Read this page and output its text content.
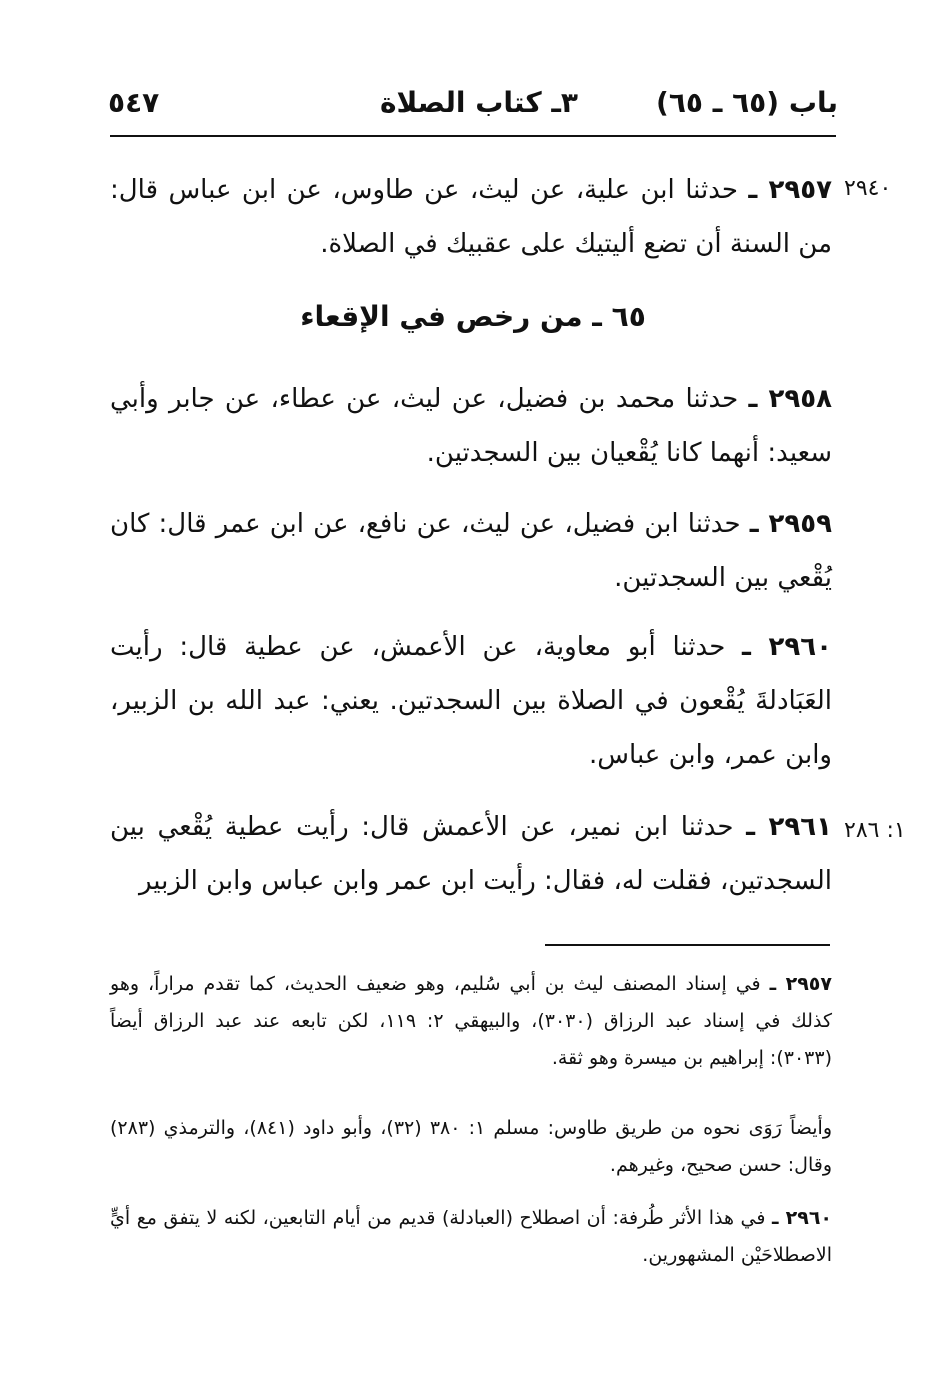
٥٤٧	٣ـ كتاب الصلاة	باب (٦٥ ـ ٦٥)
٢٩٤٠
٢٩٥٧ ـ حدثنا ابن علية، عن ليث، عن طاوس، عن ابن عباس قال: من السنة أن تضع أليتيك على عقبيك في الصلاة.
٦٥ ـ من رخص في الإقعاء
٢٩٥٨ ـ حدثنا محمد بن فضيل، عن ليث، عن عطاء، عن جابر وأبي سعيد: أنهما كانا يُقْعيان بين السجدتين.
٢٩٥٩ ـ حدثنا ابن فضيل، عن ليث، عن نافع، عن ابن عمر قال: كان يُقْعي بين السجدتين.
٢٩٦٠ ـ حدثنا أبو معاوية، عن الأعمش، عن عطية قال: رأيت العَبَادلةَ يُقْعون في الصلاة بين السجدتين. يعني: عبد الله بن الزبير، وابن عمر، وابن عباس.
١: ٢٨٦
٢٩٦١ ـ حدثنا ابن نمير، عن الأعمش قال: رأيت عطية يُقْعي بين السجدتين، فقلت له، فقال: رأيت ابن عمر وابن عباس وابن الزبير
٢٩٥٧ ـ في إسناد المصنف ليث بن أبي سُليم، وهو ضعيف الحديث، كما تقدم مراراً، وهو كذلك في إسناد عبد الرزاق (٣٠٣٠)، والبيهقي ٢: ١١٩، لكن تابعه عند عبد الرزاق أيضاً (٣٠٣٣): إبراهيم بن ميسرة وهو ثقة.
وأيضاً رَوَى نحوه من طريق طاوس: مسلم ١: ٣٨٠ (٣٢)، وأبو داود (٨٤١)، والترمذي (٢٨٣) وقال: حسن صحيح، وغيرهم.
٢٩٦٠ ـ في هذا الأثر طُرفة: أن اصطلاح (العبادلة) قديم من أيام التابعين، لكنه لا يتفق مع أيٍّ الاصطلاحَيْن المشهورين.
